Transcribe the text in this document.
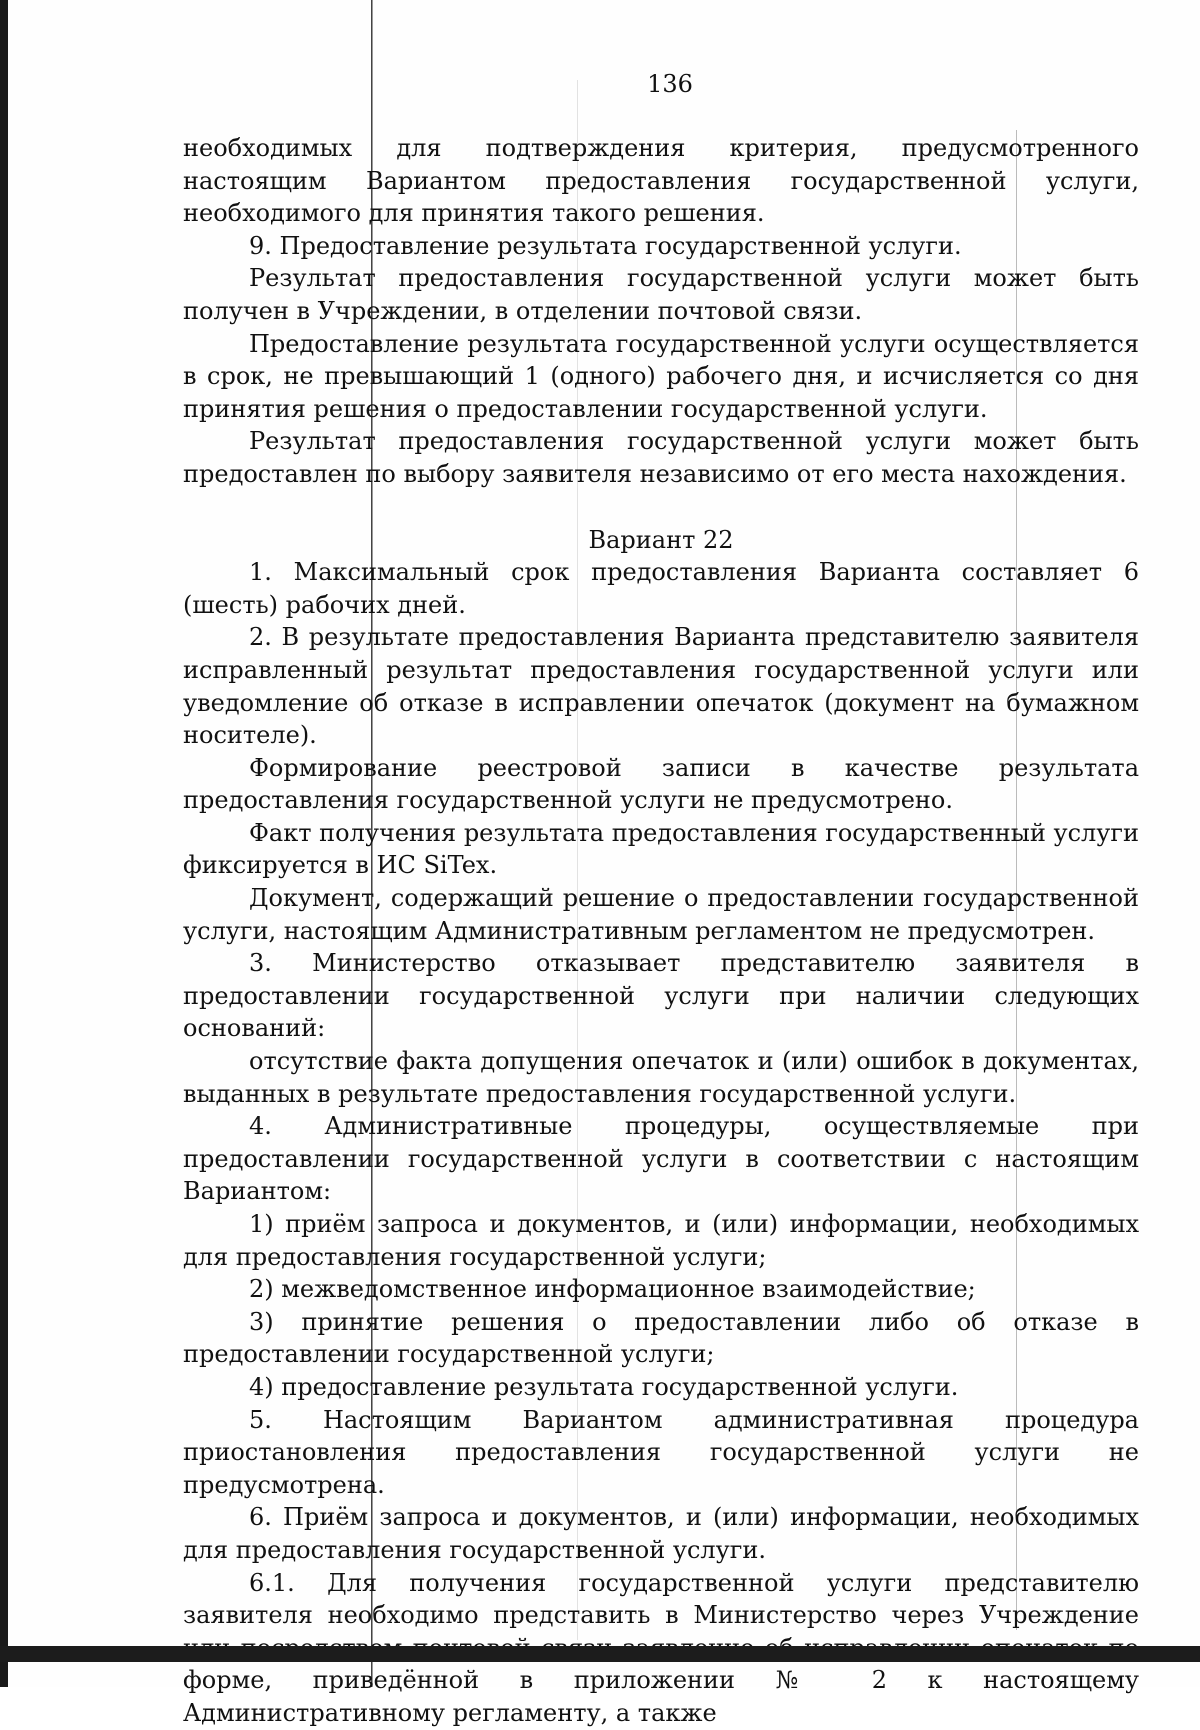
136

необходимых для подтверждения критерия, предусмотренного настоящим Вариантом предоставления государственной услуги, необходимого для принятия такого решения.

9. Предоставление результата государственной услуги.

Результат предоставления государственной услуги может быть получен в Учреждении, в отделении почтовой связи.

Предоставление результата государственной услуги осуществляется в срок, не превышающий 1 (одного) рабочего дня, и исчисляется со дня принятия решения о предоставлении государственной услуги.

Результат предоставления государственной услуги может быть предоставлен по выбору заявителя независимо от его места нахождения.

Вариант 22

1. Максимальный срок предоставления Варианта составляет 6 (шесть) рабочих дней.

2. В результате предоставления Варианта представителю заявителя исправленный результат предоставления государственной услуги или уведомление об отказе в исправлении опечаток (документ на бумажном носителе).

Формирование реестровой записи в качестве результата предоставления государственной услуги не предусмотрено.

Факт получения результата предоставления государственный услуги фиксируется в ИС SiTex.

Документ, содержащий решение о предоставлении государственной услуги, настоящим Административным регламентом не предусмотрен.

3. Министерство отказывает представителю заявителя в предоставлении государственной услуги при наличии следующих оснований:

отсутствие факта допущения опечаток и (или) ошибок в документах, выданных в результате предоставления государственной услуги.

4. Административные процедуры, осуществляемые при предоставлении государственной услуги в соответствии с настоящим Вариантом:

1) приём запроса и документов, и (или) информации, необходимых для предоставления государственной услуги;

2) межведомственное информационное взаимодействие;

3) принятие решения о предоставлении либо об отказе в предоставлении государственной услуги;

4) предоставление результата государственной услуги.

5. Настоящим Вариантом административная процедура приостановления предоставления государственной услуги не предусмотрена.

6. Приём запроса и документов, и (или) информации, необходимых для предоставления государственной услуги.

6.1. Для получения государственной услуги представителю заявителя необходимо представить в Министерство через Учреждение форме, приведённой в приложении № 2 к настоящему Административному регламенту, а также
